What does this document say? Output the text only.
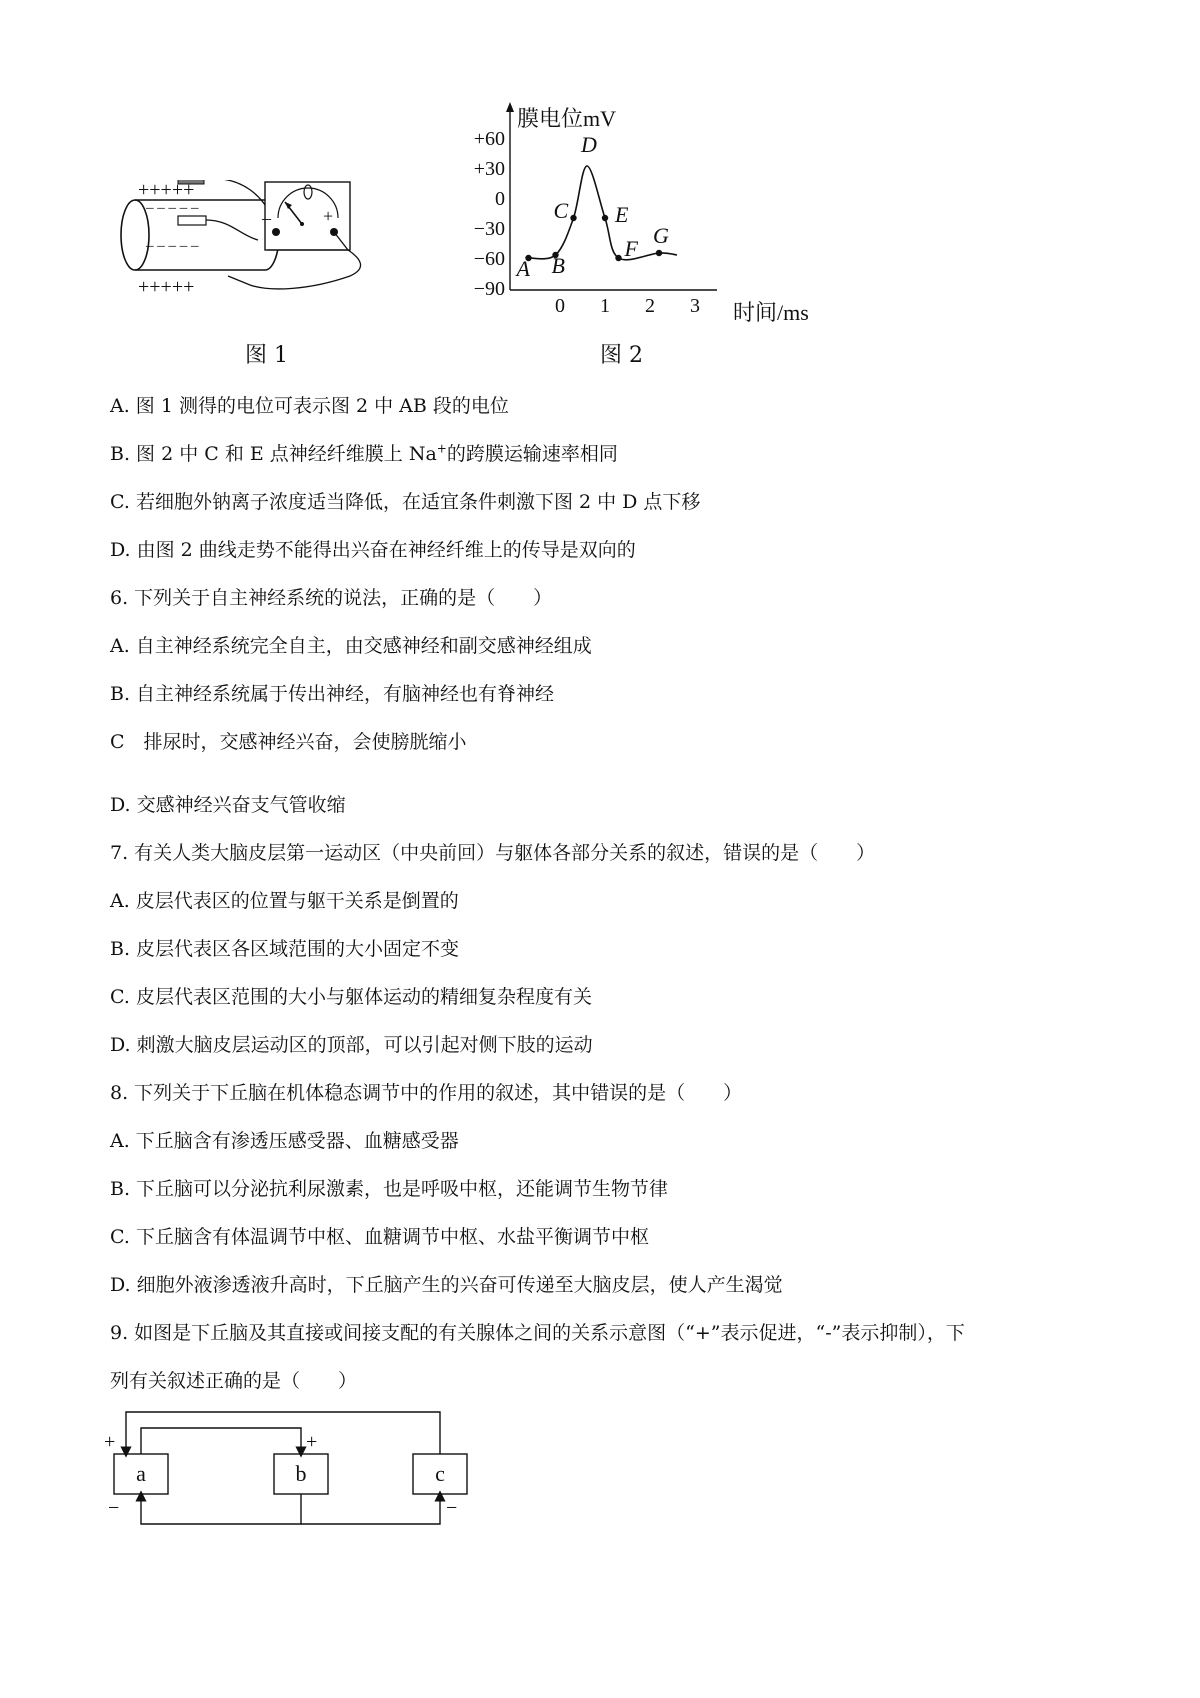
+++++
– – – – –
– – – – –
+++++
–	+
图 1
膜电位mV
时间/ms
+60
+30
0
−30
−60
−90
0 1 2 3
A B
C
D
E
F
G
图 2
A. 图 1 测得的电位可表示图 2 中 AB 段的电位
B. 图 2 中 C 和 E 点神经纤维膜上 Na+的跨膜运输速率相同
C. 若细胞外钠离子浓度适当降低，在适宜条件刺激下图 2 中 D 点下移
D. 由图 2 曲线走势不能得出兴奋在神经纤维上的传导是双向的
6. 下列关于自主神经系统的说法，正确的是（　　）
A. 自主神经系统完全自主，由交感神经和副交感神经组成
B. 自主神经系统属于传出神经，有脑神经也有脊神经
C　排尿时，交感神经兴奋，会使膀胱缩小
D. 交感神经兴奋支气管收缩
7. 有关人类大脑皮层第一运动区（中央前回）与躯体各部分关系的叙述，错误的是（　　）
A. 皮层代表区的位置与躯干关系是倒置的
B. 皮层代表区各区域范围的大小固定不变
C. 皮层代表区范围的大小与躯体运动的精细复杂程度有关
D. 刺激大脑皮层运动区的顶部，可以引起对侧下肢的运动
8. 下列关于下丘脑在机体稳态调节中的作用的叙述，其中错误的是（　　）
A. 下丘脑含有渗透压感受器、血糖感受器
B. 下丘脑可以分泌抗利尿激素，也是呼吸中枢，还能调节生物节律
C. 下丘脑含有体温调节中枢、血糖调节中枢、水盐平衡调节中枢
D. 细胞外液渗透液升高时，下丘脑产生的兴奋可传递至大脑皮层，使人产生渴觉
9. 如图是下丘脑及其直接或间接支配的有关腺体之间的关系示意图（“+”表示促进，“-”表示抑制），下
列有关叙述正确的是（　　）
a	b	c
+	+
−	−
